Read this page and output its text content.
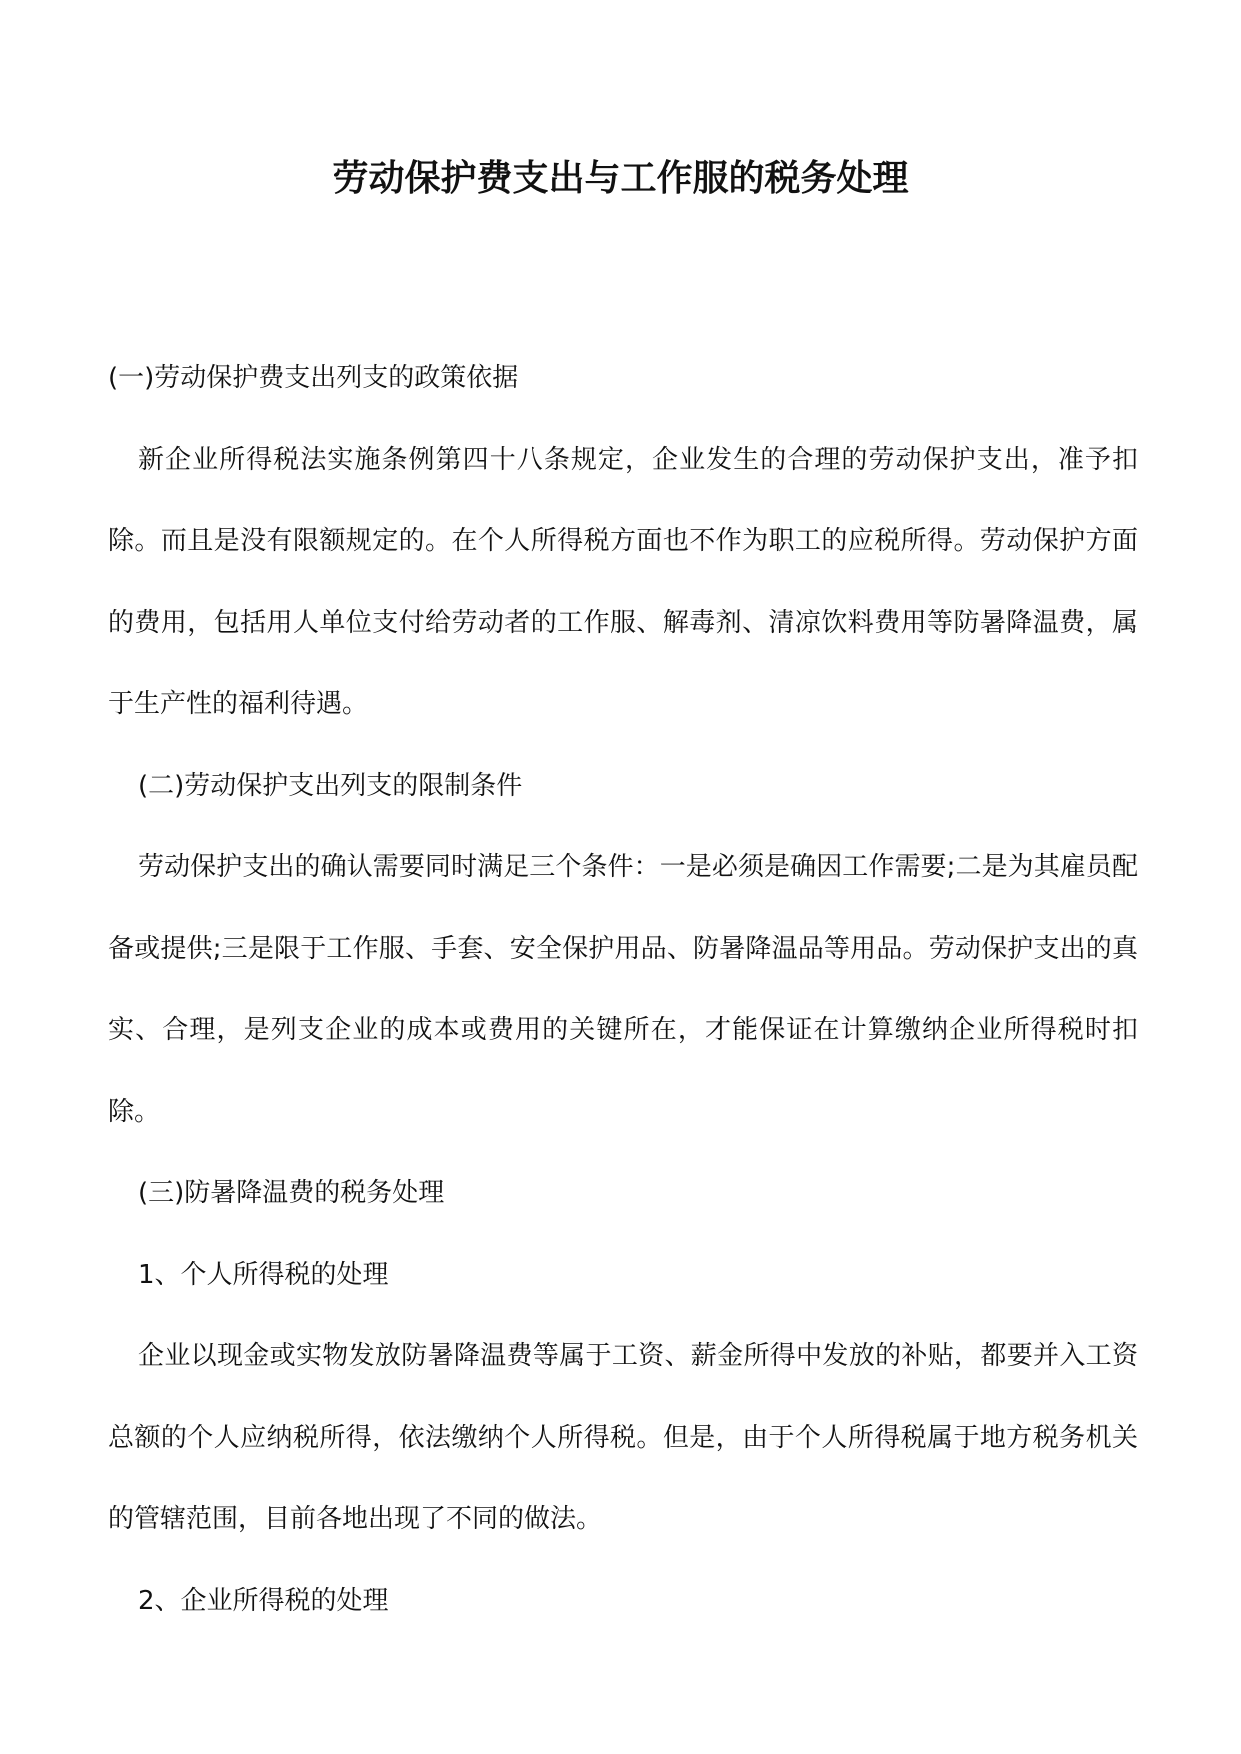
劳动保护费支出与工作服的税务处理

(一)劳动保护费支出列支的政策依据

新企业所得税法实施条例第四十八条规定，企业发生的合理的劳动保护支出，准予扣除。而且是没有限额规定的。在个人所得税方面也不作为职工的应税所得。劳动保护方面的费用，包括用人单位支付给劳动者的工作服、解毒剂、清凉饮料费用等防暑降温费，属于生产性的福利待遇。

(二)劳动保护支出列支的限制条件

劳动保护支出的确认需要同时满足三个条件：一是必须是确因工作需要;二是为其雇员配备或提供;三是限于工作服、手套、安全保护用品、防暑降温品等用品。劳动保护支出的真实、合理，是列支企业的成本或费用的关键所在，才能保证在计算缴纳企业所得税时扣除。

(三)防暑降温费的税务处理

1、个人所得税的处理

企业以现金或实物发放防暑降温费等属于工资、薪金所得中发放的补贴，都要并入工资总额的个人应纳税所得，依法缴纳个人所得税。但是，由于个人所得税属于地方税务机关的管辖范围，目前各地出现了不同的做法。

2、企业所得税的处理
